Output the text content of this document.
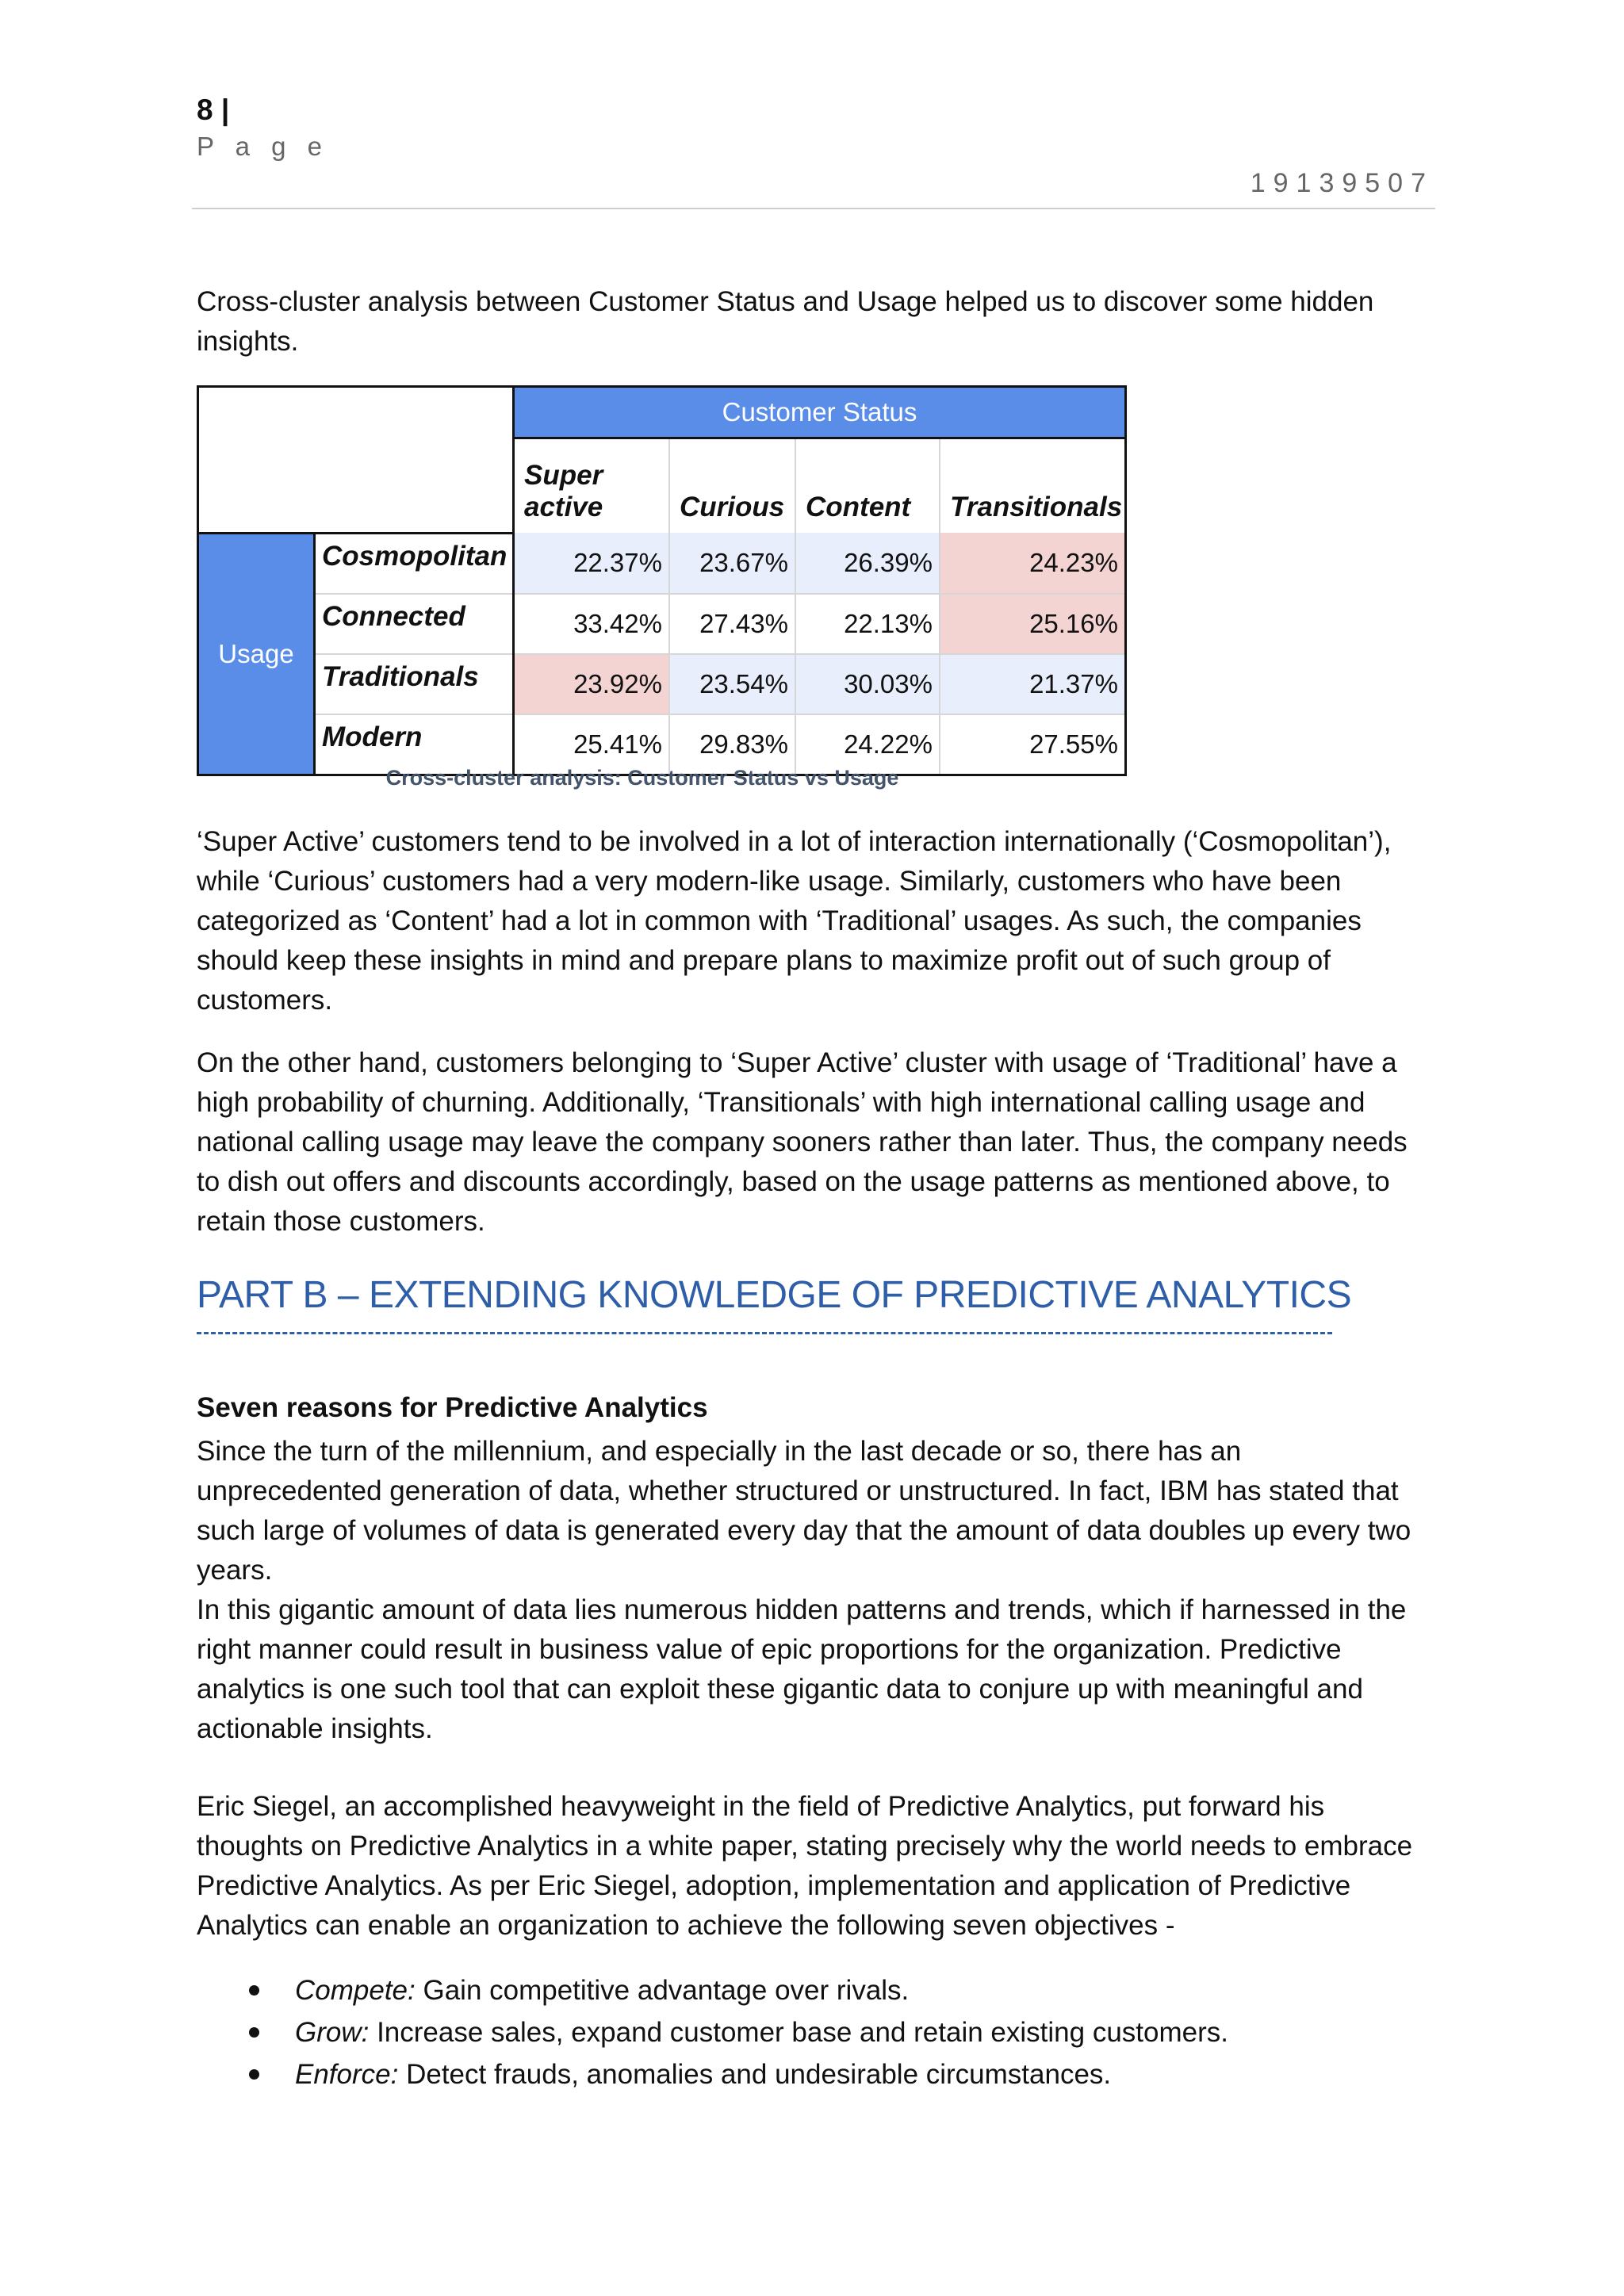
8 |
P a g e
19139507

Cross-cluster analysis between Customer Status and Usage helped us to discover some hidden insights.

		Customer Status			
		Super active	Curious	Content	Transitionals
Usage	Cosmopolitan	22.37%	23.67%	26.39%	24.23%
	Connected	33.42%	27.43%	22.13%	25.16%
	Traditionals	23.92%	23.54%	30.03%	21.37%
	Modern	25.41%	29.83%	24.22%	27.55%
Cross-cluster analysis: Customer Status vs Usage

‘Super Active’ customers tend to be involved in a lot of interaction internationally (‘Cosmopolitan’), while ‘Curious’ customers had a very modern-like usage. Similarly, customers who have been categorized as ‘Content’ had a lot in common with ‘Traditional’ usages. As such, the companies should keep these insights in mind and prepare plans to maximize profit out of such group of customers.

On the other hand, customers belonging to ‘Super Active’ cluster with usage of ‘Traditional’ have a high probability of churning. Additionally, ‘Transitionals’ with high international calling usage and national calling usage may leave the company sooners rather than later. Thus, the company needs to dish out offers and discounts accordingly, based on the usage patterns as mentioned above, to retain those customers.

PART B – EXTENDING KNOWLEDGE OF PREDICTIVE ANALYTICS
Seven reasons for Predictive Analytics

Since the turn of the millennium, and especially in the last decade or so, there has an unprecedented generation of data, whether structured or unstructured. In fact, IBM has stated that such large of volumes of data is generated every day that the amount of data doubles up every two years.

In this gigantic amount of data lies numerous hidden patterns and trends, which if harnessed in the right manner could result in business value of epic proportions for the organization. Predictive analytics is one such tool that can exploit these gigantic data to conjure up with meaningful and actionable insights.

Eric Siegel, an accomplished heavyweight in the field of Predictive Analytics, put forward his thoughts on Predictive Analytics in a white paper, stating precisely why the world needs to embrace Predictive Analytics. As per Eric Siegel, adoption, implementation and application of Predictive Analytics can enable an organization to achieve the following seven objectives -

Compete: Gain competitive advantage over rivals.
Grow: Increase sales, expand customer base and retain existing customers.
Enforce: Detect frauds, anomalies and undesirable circumstances.
